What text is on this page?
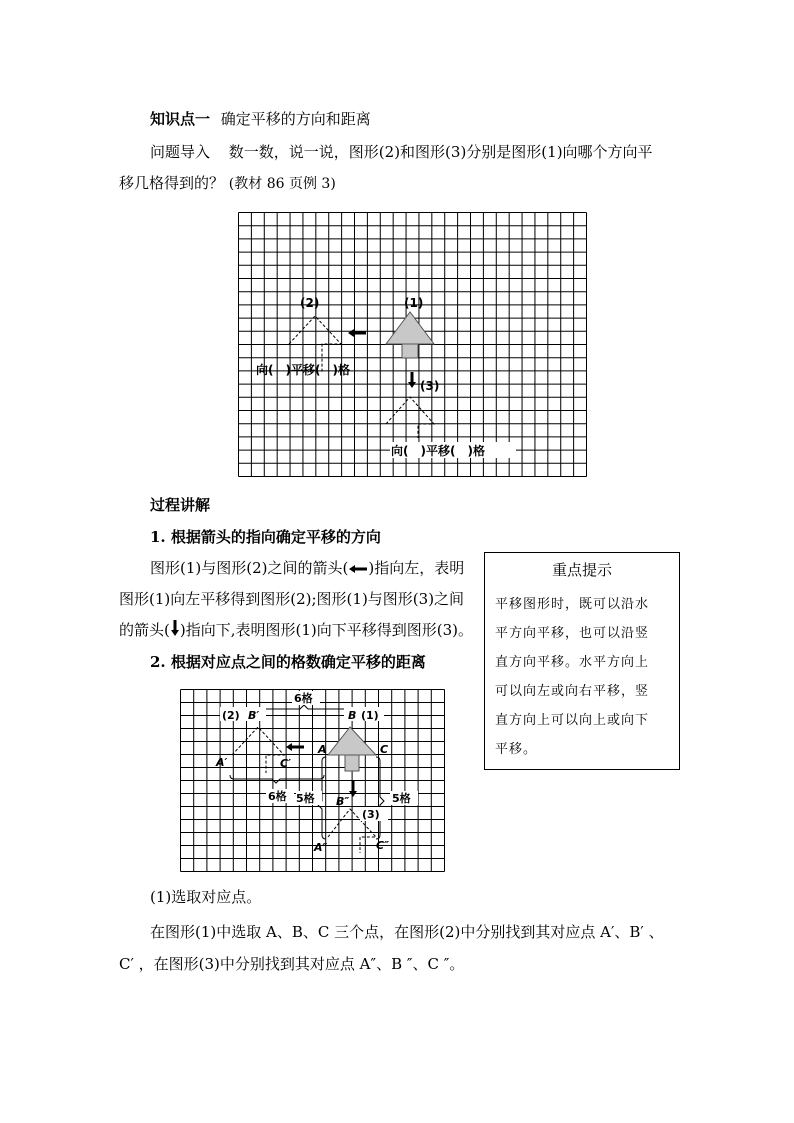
知识点一 确定平移的方向和距离
问题导入 数一数，说一说，图形(2)和图形(3)分别是图形(1)向哪个方向平
移几格得到的？ (教材 86 页例 3)
(1)
(2)
向(　)平移(　)格
(3)
向(　)平移(　)格
过程讲解
1. 根据箭头的指向确定平移的方向
图形(1)与图形(2)之间的箭头( )指向左，表明
图形(1)向左平移得到图形(2);图形(1)与图形(3)之间
的箭头( )指向下,表明图形(1)向下平移得到图形(3)。
2. 根据对应点之间的格数确定平移的距离
重点提示
平移图形时，既可以沿水
平方向平移，也可以沿竖
直方向平移。水平方向上
可以向左或向右平移，竖
直方向上可以向上或向下
平移。
6格
B (1)
A	C
(2) B′
A′	C′
6格 5格	5格
B″
(3)
A″	C″
(1)选取对应点。
在图形(1)中选取 A、B、C 三个点，在图形(2)中分别找到其对应点 A′、B′ 、
C′ ，在图形(3)中分别找到其对应点 A″、B ″、C ″。
